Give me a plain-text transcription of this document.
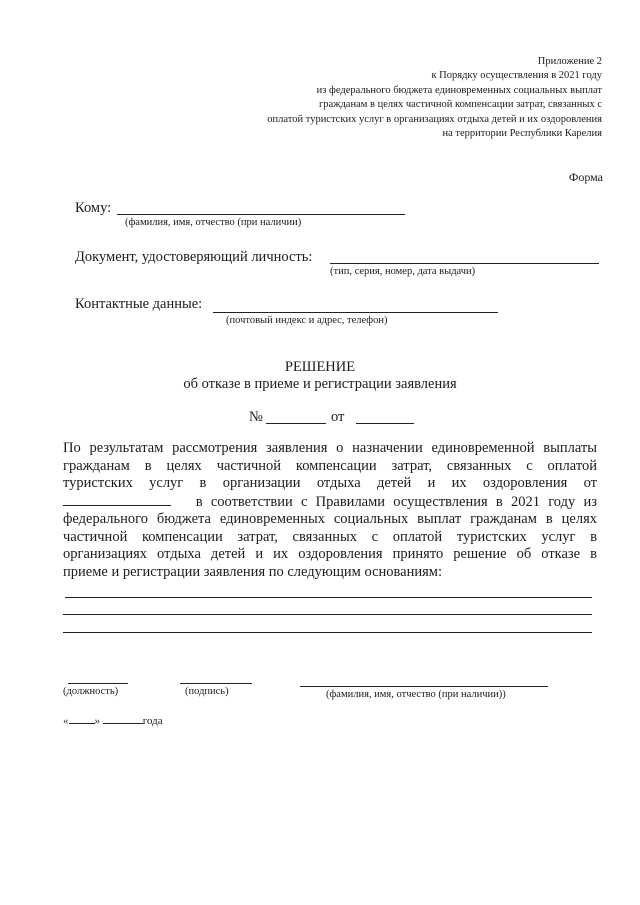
Приложение 2
к Порядку осуществления в 2021 году
из федерального бюджета единовременных социальных выплат
гражданам в целях частичной компенсации затрат, связанных с
оплатой туристских услуг в организациях отдыха детей и их оздоровления
на территории Республики Карелия
Форма
Кому:
(фамилия, имя, отчество (при наличии)
Документ, удостоверяющий личность:
(тип, серия, номер, дата выдачи)
Контактные данные:
(почтовый индекс и адрес, телефон)
РЕШЕНИЕ
об отказе в приеме и регистрации заявления
№	от
По результатам рассмотрения заявления о назначении единовременной выплаты
гражданам в целях частичной компенсации затрат, связанных с оплатой
туристских услуг в организации отдыха детей и их оздоровления от
в соответствии с Правилами осуществления в 2021 году из
федерального бюджета единовременных социальных выплат гражданам в целях
частичной компенсации затрат, связанных с оплатой туристских услуг в
организациях отдыха детей и их оздоровления принято решение об отказе в
приеме и регистрации заявления по следующим основаниям:
(должность)	(подпись)	(фамилия, имя, отчество (при наличии))
« »	года
